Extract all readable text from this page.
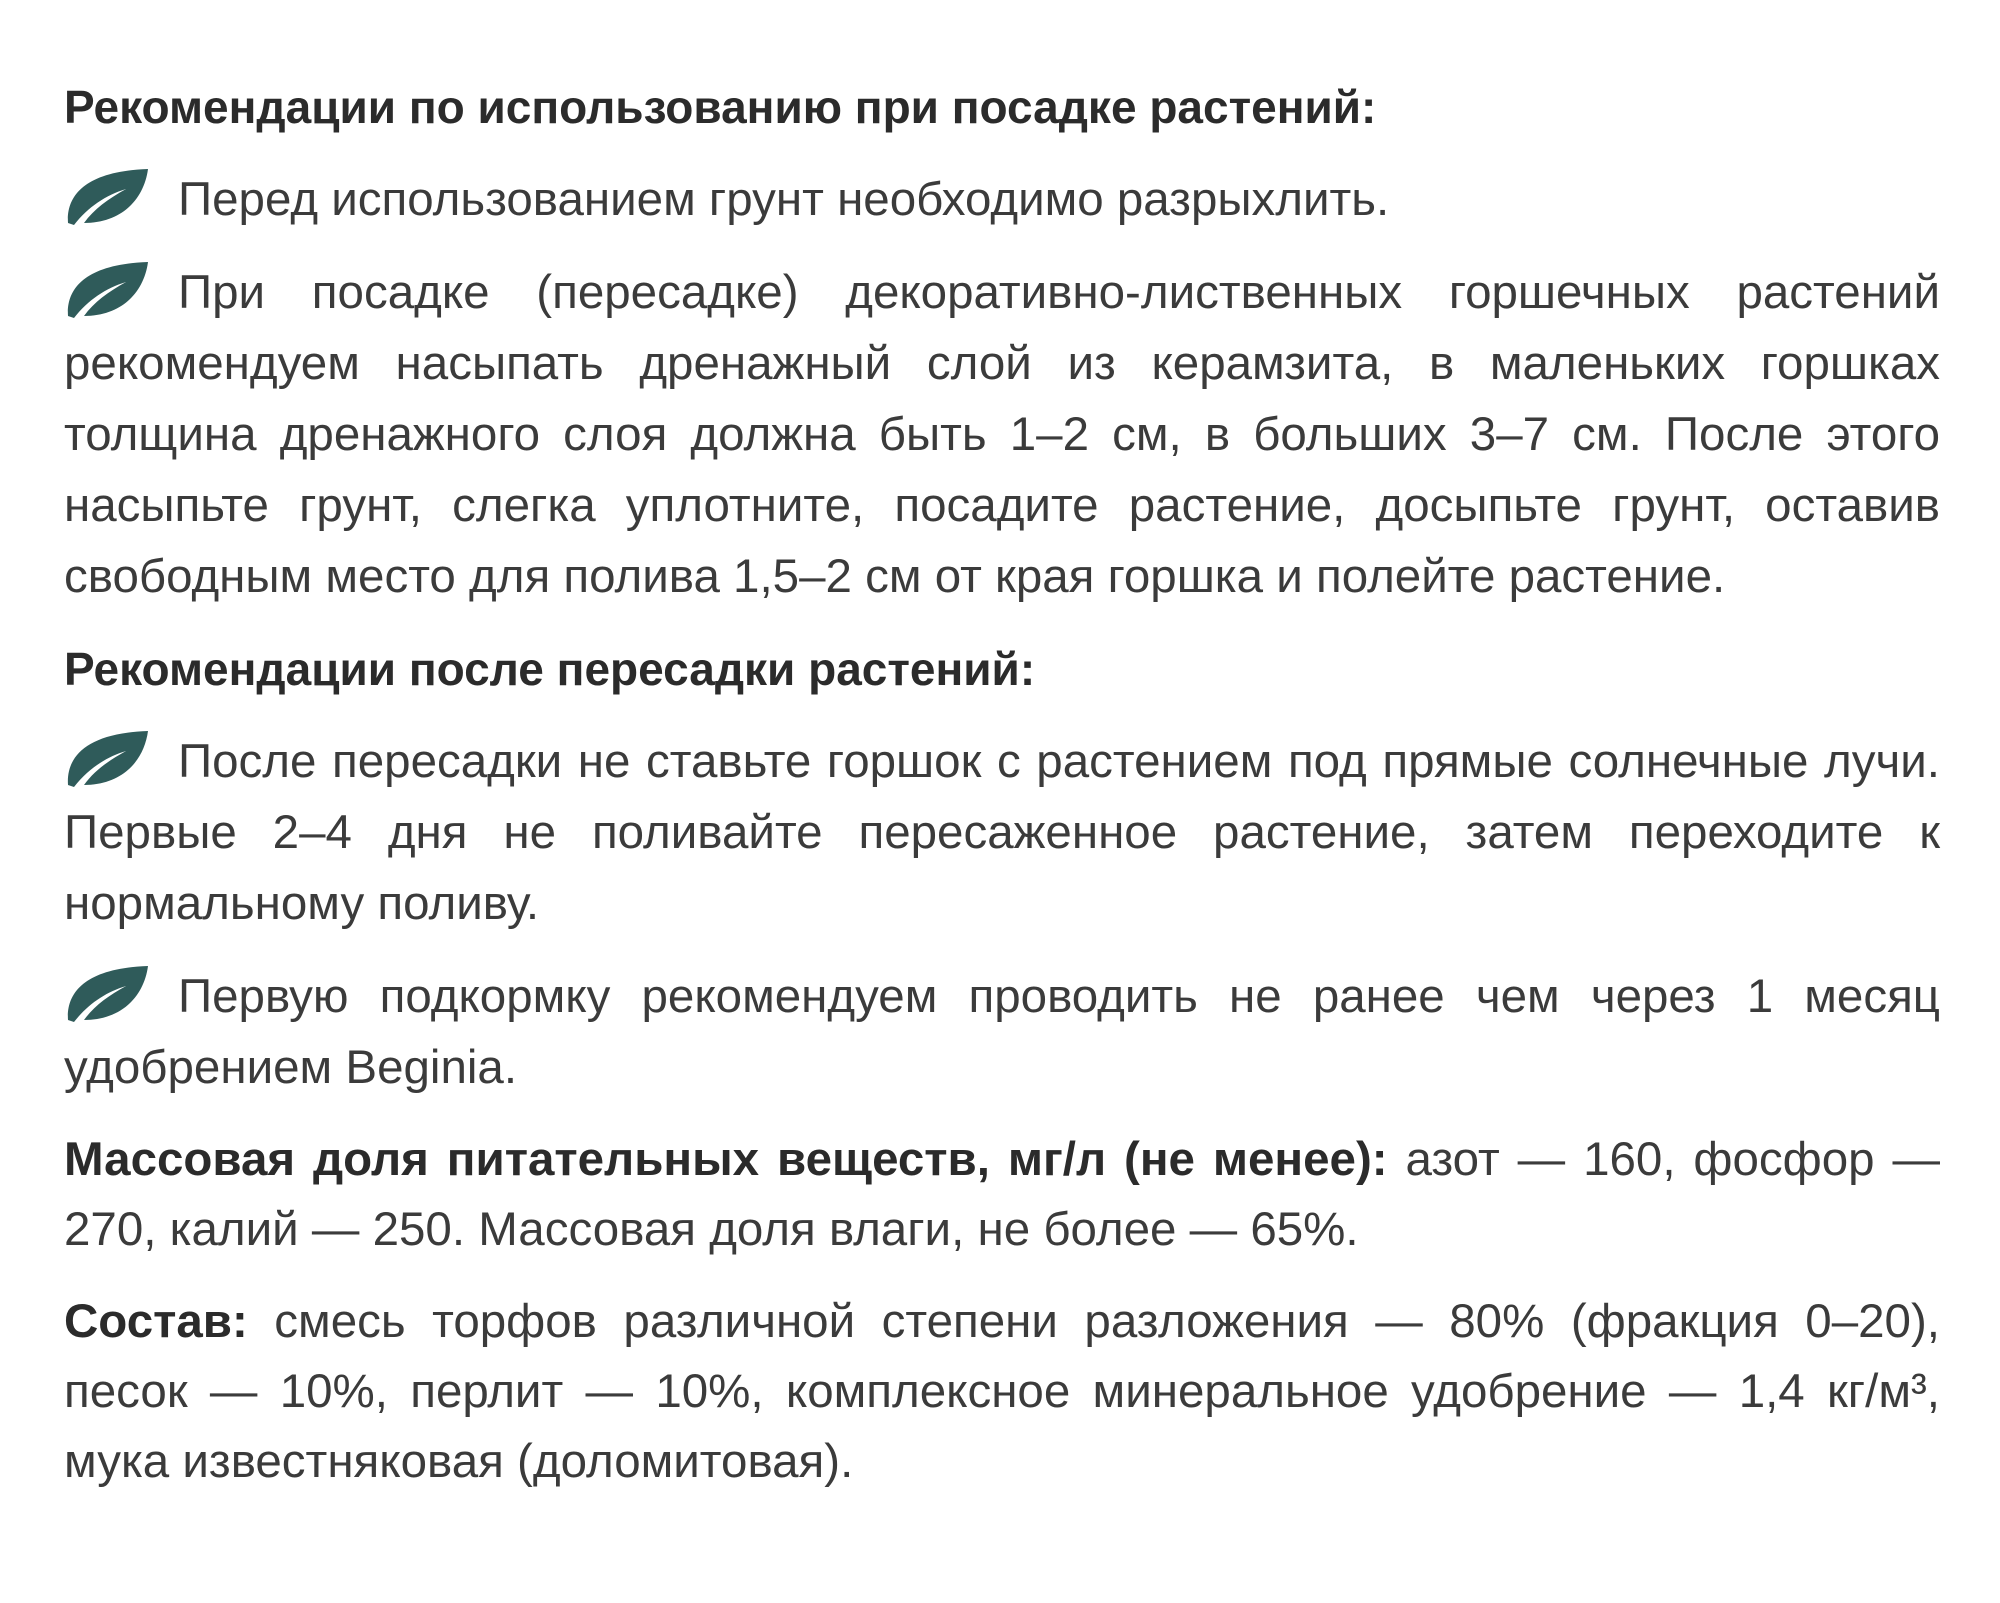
Рекомендации по использованию при посадке растений:
Перед использованием грунт необходимо разрыхлить.
При посадке (пересадке) декоративно-лиственных горшечных растений рекомендуем насыпать дренажный слой из керамзита, в маленьких горшках толщина дренажного слоя должна быть 1–2 см, в больших 3–7 см. После этого насыпьте грунт, слегка уплотните, посадите растение, досыпьте грунт, оставив свободным место для полива 1,5–2 см от края горшка и полейте растение.
Рекомендации после пересадки растений:
После пересадки не ставьте горшок с растением под прямые солнечные лучи. Первые 2–4 дня не поливайте пересаженное растение, затем переходите к нормальному поливу.
Первую подкормку рекомендуем проводить не ранее чем через 1 месяц удобрением Beginia.
Массовая доля питательных веществ, мг/л (не менее): азот — 160, фосфор — 270, калий — 250. Массовая доля влаги, не более — 65%.
Состав: смесь торфов различной степени разложения — 80% (фракция 0–20), песок — 10%, перлит — 10%, комплексное минеральное удобрение — 1,4 кг/м³, мука известняковая (доломитовая).
